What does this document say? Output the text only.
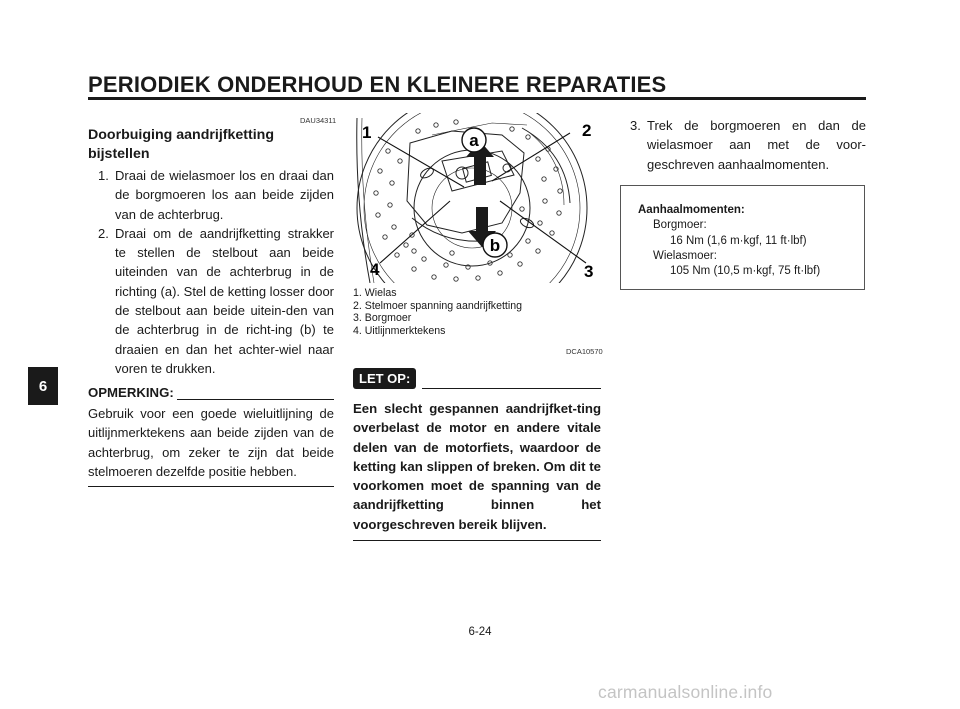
PERIODIEK ONDERHOUD EN KLEINERE REPARATIES
6
DAU34311
Doorbuiging aandrijfketting bijstellen
1. Draai de wielasmoer los en draai dan de borgmoeren los aan beide zijden van de achterbrug.
2. Draai om de aandrijfketting strakker te stellen de stelbout aan beide uiteinden van de achterbrug in de richting (a). Stel de ketting losser door de stelbout aan beide uitein-den van de achterbrug in de richt-ing (b) te draaien en dan het achter-wiel naar voren te drukken.
OPMERKING:

Gebruik voor een goede wieluitlijning de uitlijnmerktekens aan beide zijden van de achterbrug, om zeker te zijn dat beide stelmoeren dezelfde positie hebben.

a
b
1	2
3
4
1. Wielas
2. Stelmoer spanning aandrijfketting
3. Borgmoer
4. Uitlijnmerktekens
DCA10570
LET OP:

Een slecht gespannen aandrijfket-ting overbelast de motor en andere vitale delen van de motorfiets, waardoor de ketting kan slippen of breken. Om dit te voorkomen moet de spanning van de aandrijfketting binnen het voorgeschreven bereik blijven.

3. Trek de borgmoeren en dan de wielasmoer aan met de voor-geschreven aanhaalmomenten.
Aanhaalmomenten:
Borgmoer:
16 Nm (1,6 m·kgf, 11 ft·lbf)
Wielasmoer:
105 Nm (10,5 m·kgf, 75 ft·lbf)
6-24
carmanualsonline.info
